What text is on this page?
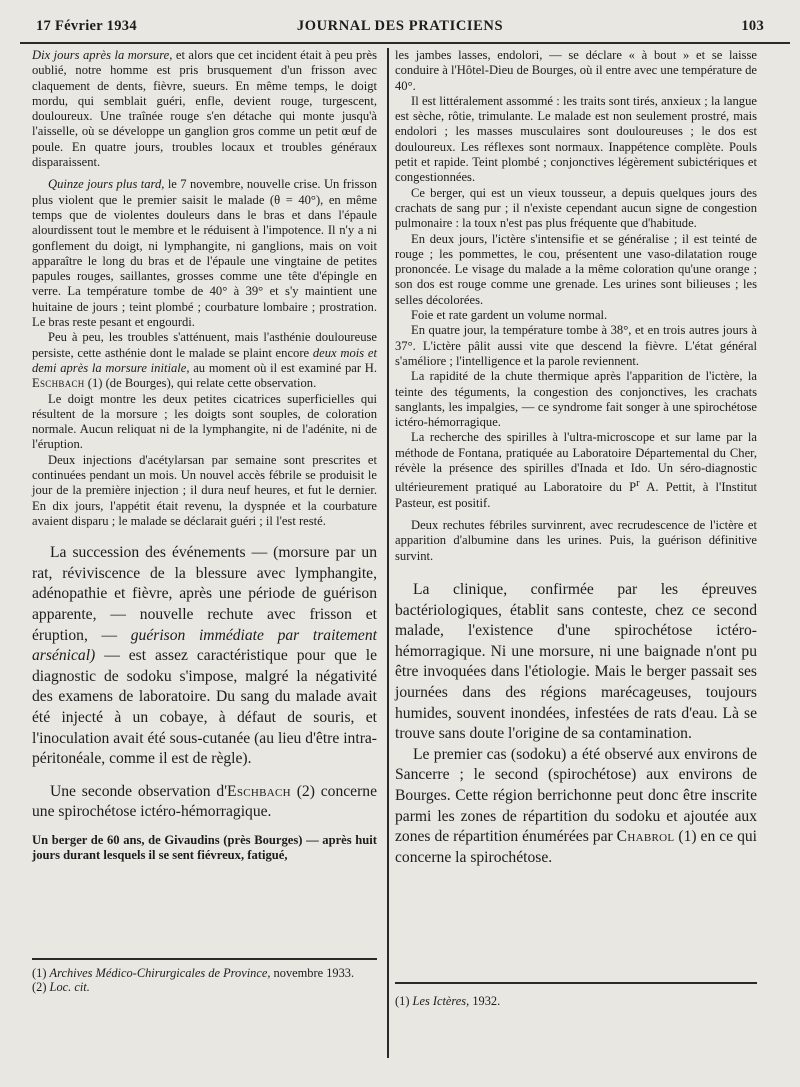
17 Février 1934	JOURNAL DES PRATICIENS	103

Dix jours après la morsure, et alors que cet incident était à peu près oublié, notre homme est pris brusquement d'un frisson avec claquement de dents, fièvre, sueurs. En même temps, le doigt mordu, qui semblait guéri, enfle, devient rouge, turgescent, douloureux. Une traînée rouge s'en détache qui monte jusqu'à l'aisselle, où se développe un ganglion gros comme un petit œuf de poule. En quatre jours, troubles locaux et troubles généraux disparaissent.

Quinze jours plus tard, le 7 novembre, nouvelle crise. Un frisson plus violent que le premier saisit le malade (θ = 40°), en même temps que de violentes douleurs dans le bras et dans l'épaule alourdissent tout le membre et le réduisent à l'impotence. Il n'y a ni gonflement du doigt, ni lymphangite, ni ganglions, mais on voit apparaître le long du bras et de l'épaule une vingtaine de petites papules rouges, saillantes, grosses comme une tête d'épingle en verre. La température tombe de 40° à 39° et s'y maintient une huitaine de jours ; teint plombé ; courbature lombaire ; prostration. Le bras reste pesant et engourdi.

Peu à peu, les troubles s'atténuent, mais l'asthénie douloureuse persiste, cette asthénie dont le malade se plaint encore deux mois et demi après la morsure initiale, au moment où il est examiné par H. Eschbach (1) (de Bourges), qui relate cette observation.

Le doigt montre les deux petites cicatrices superficielles qui résultent de la morsure ; les doigts sont souples, de coloration normale. Aucun reliquat ni de la lymphangite, ni de l'adénite, ni de l'éruption.

Deux injections d'acétylarsan par semaine sont prescrites et continuées pendant un mois. Un nouvel accès fébrile se produisit le jour de la première injection ; il dura neuf heures, et fut le dernier. En dix jours, l'appétit était revenu, la dyspnée et la courbature avaient disparu ; le malade se déclarait guéri ; il l'est resté.

La succession des événements — (morsure par un rat, réviviscence de la blessure avec lymphangite, adénopathie et fièvre, après une période de guérison apparente, — nouvelle rechute avec frisson et éruption, — guérison immédiate par traitement arsénical) — est assez caractéristique pour que le diagnostic de sodoku s'impose, malgré la négativité des examens de laboratoire. Du sang du malade avait été injecté à un cobaye, à défaut de souris, et l'inoculation avait été sous-cutanée (au lieu d'être intra-péritonéale, comme il est de règle).

Une seconde observation d'Eschbach (2) concerne une spirochétose ictéro-hémorragique.

Un berger de 60 ans, de Givaudins (près Bourges) — après huit jours durant lesquels il se sent fiévreux, fatigué,

(1) Archives Médico-Chirurgicales de Province, novembre 1933.

(2) Loc. cit.

les jambes lasses, endolori, — se déclare « à bout » et se laisse conduire à l'Hôtel-Dieu de Bourges, où il entre avec une température de 40°.

Il est littéralement assommé : les traits sont tirés, anxieux ; la langue est sèche, rôtie, trimulante. Le malade est non seulement prostré, mais endolori ; les masses musculaires sont douloureuses ; le dos est douloureux. Les réflexes sont normaux. Inappétence complète. Pouls petit et rapide. Teint plombé ; conjonctives légèrement subictériques et congestionnées.

Ce berger, qui est un vieux tousseur, a depuis quelques jours des crachats de sang pur ; il n'existe cependant aucun signe de congestion pulmonaire : la toux n'est pas plus fréquente que d'habitude.

En deux jours, l'ictère s'intensifie et se généralise ; il est teinté de rouge ; les pommettes, le cou, présentent une vaso-dilatation rouge prononcée. Le visage du malade a la même coloration qu'une orange ; son dos est rouge comme une grenade. Les urines sont bilieuses ; les selles décolorées.

Foie et rate gardent un volume normal.

En quatre jour, la température tombe à 38°, et en trois autres jours à 37°. L'ictère pâlit aussi vite que descend la fièvre. L'état général s'améliore ; l'intelligence et la parole reviennent.

La rapidité de la chute thermique après l'apparition de l'ictère, la teinte des téguments, la congestion des conjonctives, les crachats sanglants, les impalgies, — ce syndrome fait songer à une spirochétose ictéro-hémorragique.

La recherche des spirilles à l'ultra-microscope et sur lame par la méthode de Fontana, pratiquée au Laboratoire Départemental du Cher, révèle la présence des spirilles d'Inada et Ido. Un séro-diagnostic ultérieurement pratiqué au Laboratoire du $P^r$ A. Pettit, à l'Institut Pasteur, est positif.

Deux rechutes fébriles survinrent, avec recrudescence de l'ictère et apparition d'albumine dans les urines. Puis, la guérison définitive survint.

La clinique, confirmée par les épreuves bactériologiques, établit sans conteste, chez ce second malade, l'existence d'une spirochétose ictéro-hémorragique. Ni une morsure, ni une baignade n'ont pu être invoquées dans l'étiologie. Mais le berger passait ses journées dans des régions marécageuses, toujours humides, souvent inondées, infestées de rats d'eau. Là se trouve sans doute l'origine de sa contamination.

Le premier cas (sodoku) a été observé aux environs de Sancerre ; le second (spirochétose) aux environs de Bourges. Cette région berrichonne peut donc être inscrite parmi les zones de répartition du sodoku et ajoutée aux zones de répartition énumérées par Chabrol (1) en ce qui concerne la spirochétose.

(1) Les Ictères, 1932.
